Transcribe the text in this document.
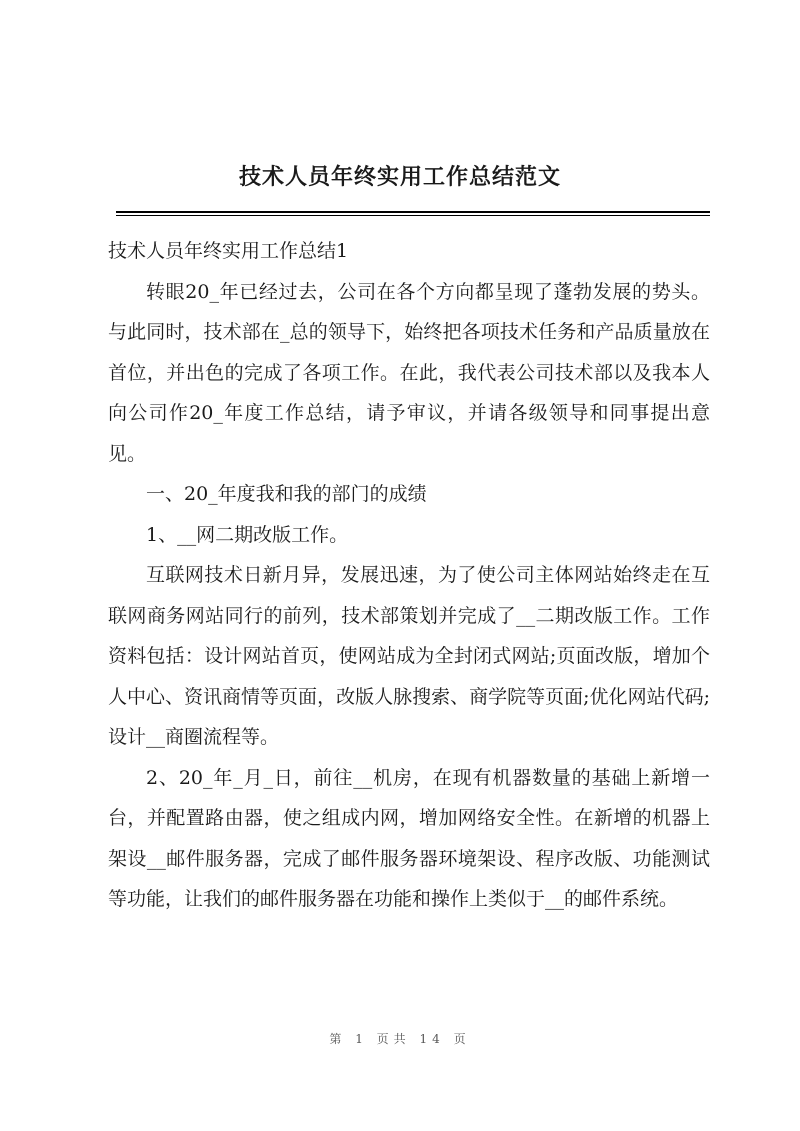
技术人员年终实用工作总结范文

技术人员年终实用工作总结1

转眼20_年已经过去，公司在各个方向都呈现了蓬勃发展的势头。与此同时，技术部在_总的领导下，始终把各项技术任务和产品质量放在首位，并出色的完成了各项工作。在此，我代表公司技术部以及我本人向公司作20_年度工作总结，请予审议，并请各级领导和同事提出意见。

一、20_年度我和我的部门的成绩

1、__网二期改版工作。

互联网技术日新月异，发展迅速，为了使公司主体网站始终走在互联网商务网站同行的前列，技术部策划并完成了__二期改版工作。工作资料包括：设计网站首页，使网站成为全封闭式网站;页面改版，增加个人中心、资讯商情等页面，改版人脉搜索、商学院等页面;优化网站代码;设计__商圈流程等。

2、20_年_月_日，前往__机房，在现有机器数量的基础上新增一台，并配置路由器，使之组成内网，增加网络安全性。在新增的机器上架设__邮件服务器，完成了邮件服务器环境架设、程序改版、功能测试等功能，让我们的邮件服务器在功能和操作上类似于__的邮件系统。

第 1 页共 14 页
